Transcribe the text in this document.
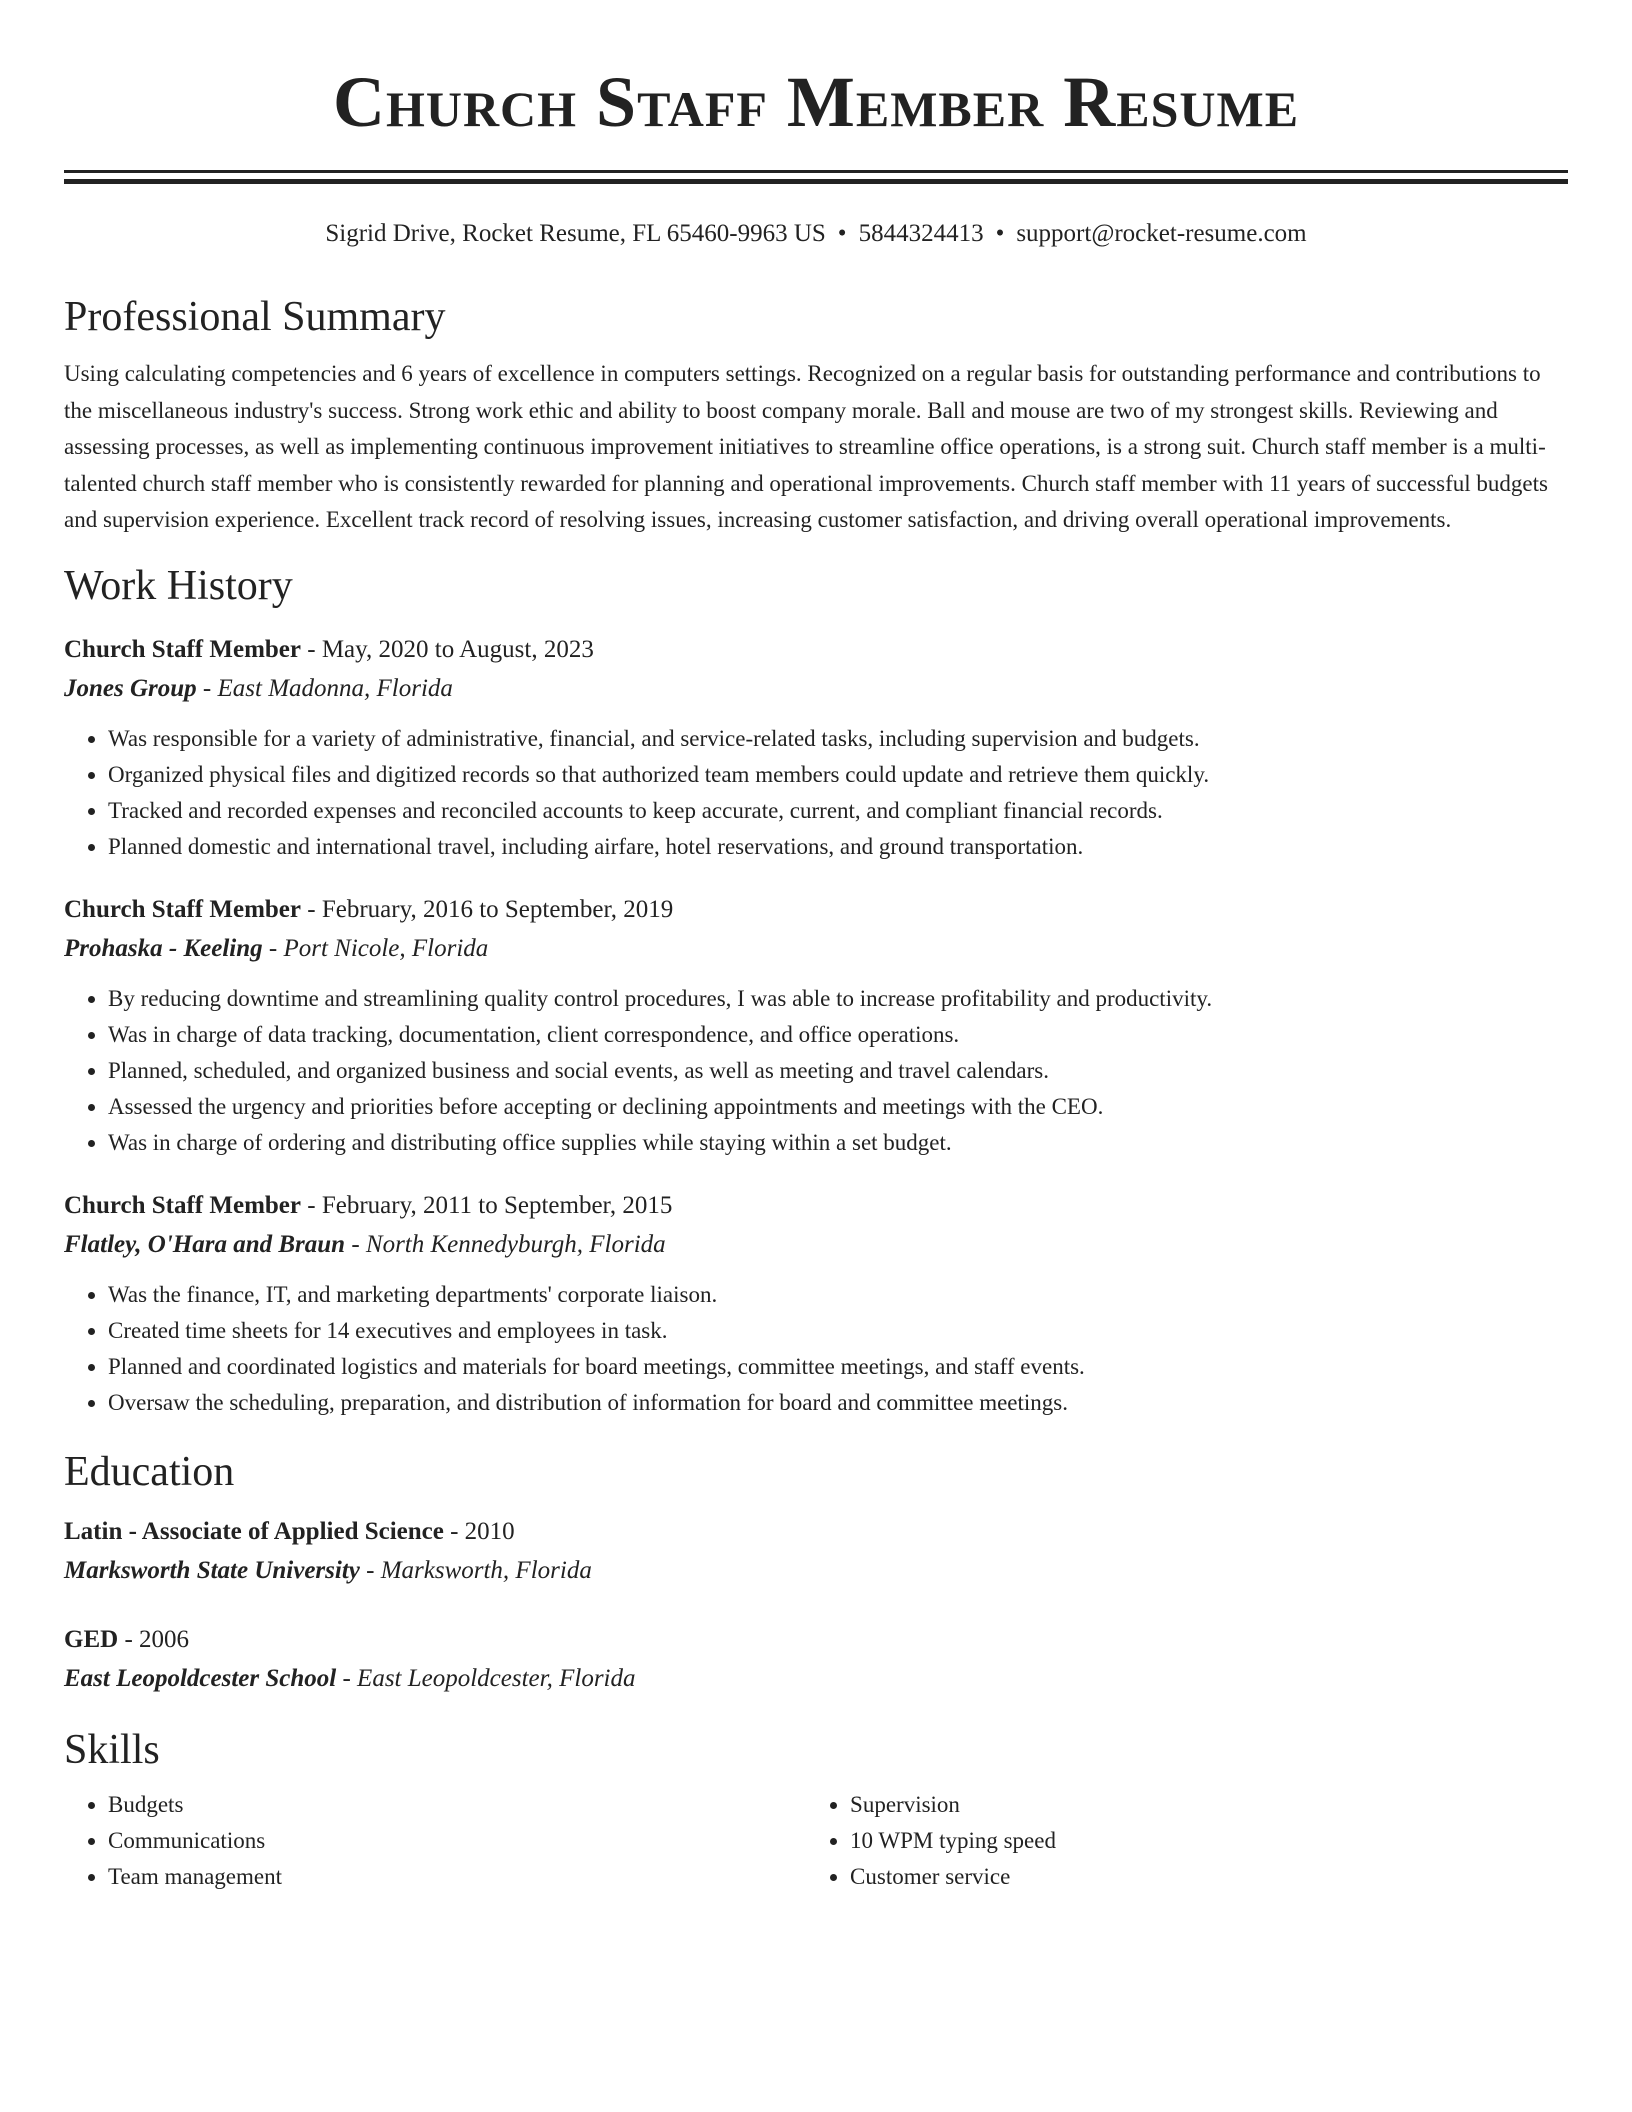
Church Staff Member Resume
Sigrid Drive, Rocket Resume, FL 65460-9963 US • 5844324413 • support@rocket-resume.com
Professional Summary

Using calculating competencies and 6 years of excellence in computers settings. Recognized on a regular basis for outstanding performance and contributions to the miscellaneous industry's success. Strong work ethic and ability to boost company morale. Ball and mouse are two of my strongest skills. Reviewing and assessing processes, as well as implementing continuous improvement initiatives to streamline office operations, is a strong suit. Church staff member is a multi-talented church staff member who is consistently rewarded for planning and operational improvements. Church staff member with 11 years of successful budgets and supervision experience. Excellent track record of resolving issues, increasing customer satisfaction, and driving overall operational improvements.

Work History
Church Staff Member - May, 2020 to August, 2023
Jones Group - East Madonna, Florida
• Was responsible for a variety of administrative, financial, and service-related tasks, including supervision and budgets.
• Organized physical files and digitized records so that authorized team members could update and retrieve them quickly.
• Tracked and recorded expenses and reconciled accounts to keep accurate, current, and compliant financial records.
• Planned domestic and international travel, including airfare, hotel reservations, and ground transportation.
Church Staff Member - February, 2016 to September, 2019
Prohaska - Keeling - Port Nicole, Florida
• By reducing downtime and streamlining quality control procedures, I was able to increase profitability and productivity.
• Was in charge of data tracking, documentation, client correspondence, and office operations.
• Planned, scheduled, and organized business and social events, as well as meeting and travel calendars.
• Assessed the urgency and priorities before accepting or declining appointments and meetings with the CEO.
• Was in charge of ordering and distributing office supplies while staying within a set budget.
Church Staff Member - February, 2011 to September, 2015
Flatley, O'Hara and Braun - North Kennedyburgh, Florida
• Was the finance, IT, and marketing departments' corporate liaison.
• Created time sheets for 14 executives and employees in task.
• Planned and coordinated logistics and materials for board meetings, committee meetings, and staff events.
• Oversaw the scheduling, preparation, and distribution of information for board and committee meetings.
Education
Latin - Associate of Applied Science - 2010
Marksworth State University - Marksworth, Florida
GED - 2006
East Leopoldcester School - East Leopoldcester, Florida
Skills
• Budgets
• Communications
• Team management
• Supervision
• 10 WPM typing speed
• Customer service
